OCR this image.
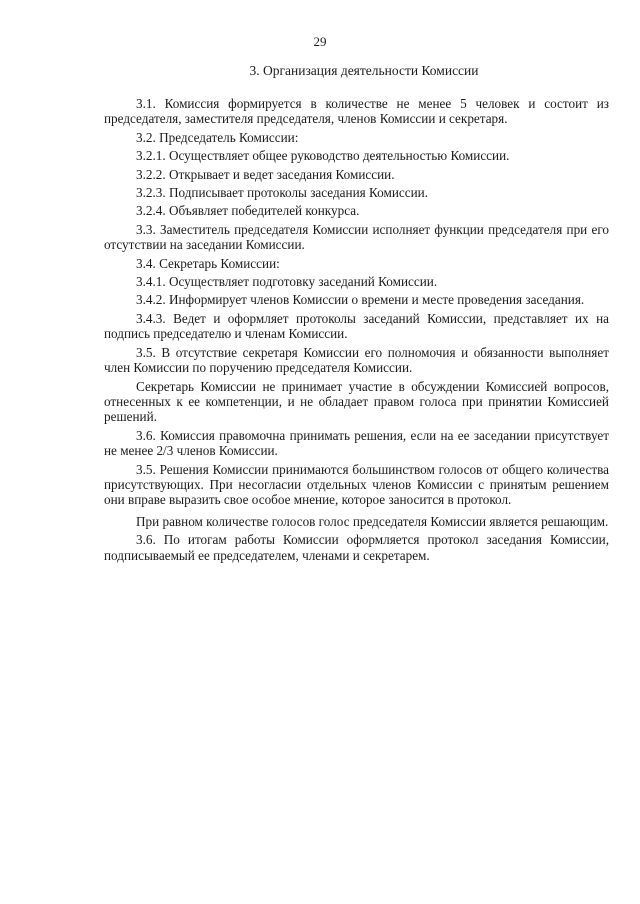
29
3. Организация деятельности Комиссии

3.1. Комиссия формируется в количестве не менее 5 человек и состоит из председателя, заместителя председателя, членов Комиссии и секретаря.

3.2. Председатель Комиссии:

3.2.1. Осуществляет общее руководство деятельностью Комиссии.

3.2.2. Открывает и ведет заседания Комиссии.

3.2.3. Подписывает протоколы заседания Комиссии.

3.2.4. Объявляет победителей конкурса.

3.3. Заместитель председателя Комиссии исполняет функции председателя при его отсутствии на заседании Комиссии.

3.4. Секретарь Комиссии:

3.4.1. Осуществляет подготовку заседаний Комиссии.

3.4.2. Информирует членов Комиссии о времени и месте проведения заседания.

3.4.3. Ведет и оформляет протоколы заседаний Комиссии, представляет их на подпись председателю и членам Комиссии.

3.5. В отсутствие секретаря Комиссии его полномочия и обязанности выполняет член Комиссии по поручению председателя Комиссии.

Секретарь Комиссии не принимает участие в обсуждении Комиссией вопросов, отнесенных к ее компетенции, и не обладает правом голоса при принятии Комиссией решений.

3.6. Комиссия правомочна принимать решения, если на ее заседании присутствует не менее 2/3 членов Комиссии.

3.5. Решения Комиссии принимаются большинством голосов от общего количества присутствующих. При несогласии отдельных членов Комиссии с принятым решением они вправе выразить свое особое мнение, которое заносится в протокол.

При равном количестве голосов голос председателя Комиссии является решающим.

3.6. По итогам работы Комиссии оформляется протокол заседания Комиссии, подписываемый ее председателем, членами и секретарем.
